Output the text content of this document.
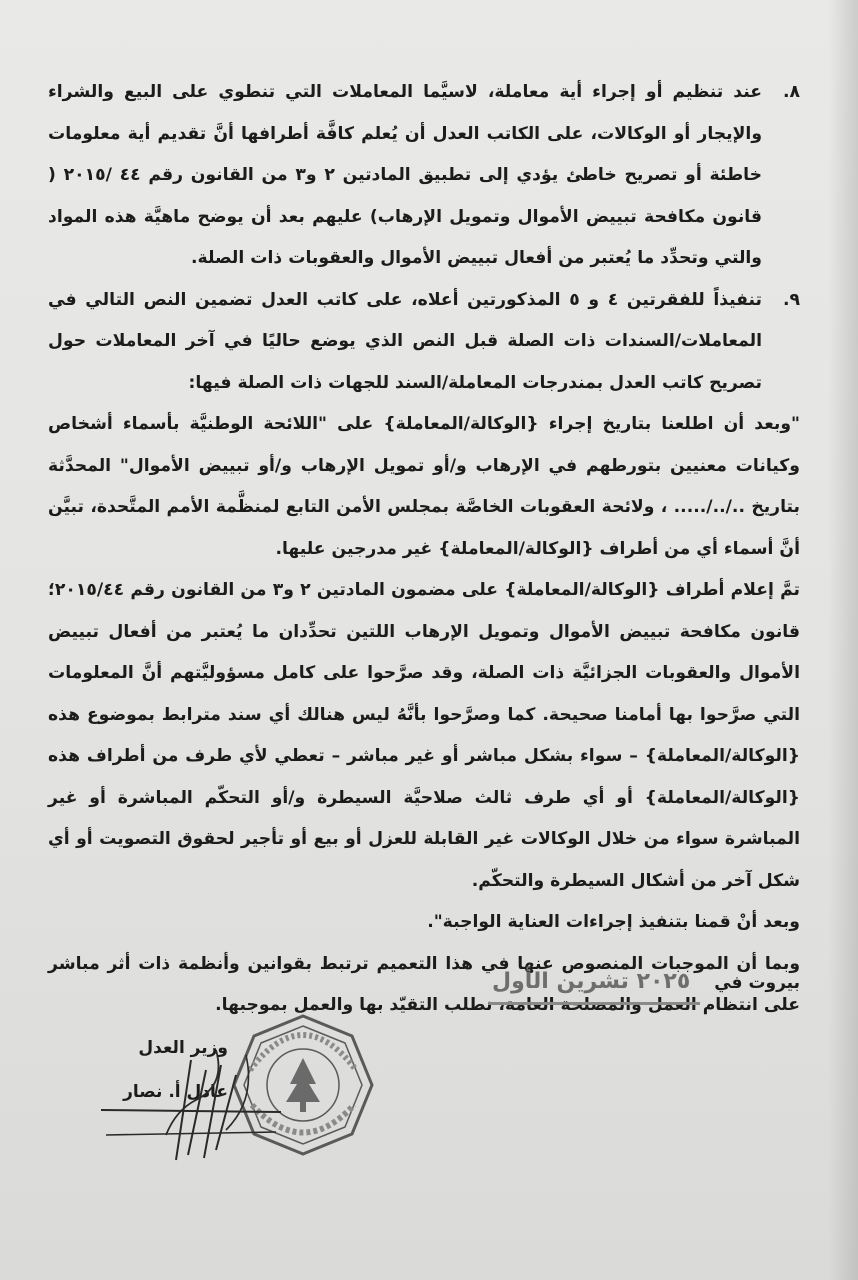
٨.
عند تنظيم أو إجراء أية معاملة، لاسيَّما المعاملات التي تنطوي على البيع والشراء والإيجار أو الوكالات، على الكاتب العدل أن يُعلم كافَّة أطرافها أنَّ تقديم أية معلومات خاطئة أو تصريح خاطئ يؤدي إلى تطبيق المادتين ٢ و٣ من القانون رقم ٤٤ /٢٠١٥ ( قانون مكافحة تبييض الأموال وتمويل الإرهاب) عليهم بعد أن يوضح ماهيَّة هذه المواد والتي وتحدِّد ما يُعتبر من أفعال تبييض الأموال والعقوبات ذات الصلة.
٩.
تنفيذاً للفقرتين ٤ و ٥ المذكورتين أعلاه، على كاتب العدل تضمين النص التالي في المعاملات/السندات ذات الصلة قبل النص الذي يوضع حاليًا في آخر المعاملات حول تصريح كاتب العدل بمندرجات المعاملة/السند للجهات ذات الصلة فيها:

"وبعد أن اطلعنا بتاريخ إجراء {الوكالة/المعاملة} على "اللائحة الوطنيَّة بأسماء أشخاص وكيانات معنيين بتورطهم في الإرهاب و/أو تمويل الإرهاب و/أو تبييض الأموال" المحدَّثة بتاريخ ../../..... ، ولائحة العقوبات الخاصَّة بمجلس الأمن التابع لمنظَّمة الأمم المتَّحدة، تبيَّن أنَّ أسماء أي من أطراف {الوكالة/المعاملة} غير مدرجين عليها.

تمَّ إعلام أطراف {الوكالة/المعاملة} على مضمون المادتين ٢ و٣ من القانون رقم ٢٠١٥/٤٤؛ قانون مكافحة تبييض الأموال وتمويل الإرهاب اللتين تحدِّدان ما يُعتبر من أفعال تبييض الأموال والعقوبات الجزائيَّة ذات الصلة، وقد صرَّحوا على كامل مسؤوليَّتهم أنَّ المعلومات التي صرَّحوا بها أمامنا صحيحة. كما وصرَّحوا بأنَّهُ ليس هنالك أي سند مترابط بموضوع هذه {الوكالة/المعاملة} – سواء بشكل مباشر أو غير مباشر – تعطي لأي طرف من أطراف هذه {الوكالة/المعاملة} أو أي طرف ثالث صلاحيَّة السيطرة و/أو التحكّم المباشرة أو غير المباشرة سواء من خلال الوكالات غير القابلة للعزل أو بيع أو تأجير لحقوق التصويت أو أي شكل آخر من أشكال السيطرة والتحكّم.

وبعد أنْ قمنا بتنفيذ إجراءات العناية الواجبة".

وبما أن الموجبات المنصوص عنها في هذا التعميم ترتبط بقوانين وأنظمة ذات أثر مباشر على انتظام العمل والمصلحة العامة، نطلب التقيّد بها والعمل بموجبها.

بيروت في ٢٠٢٥ تشرين الأول
وزير العدل
عادل أ. نصار
